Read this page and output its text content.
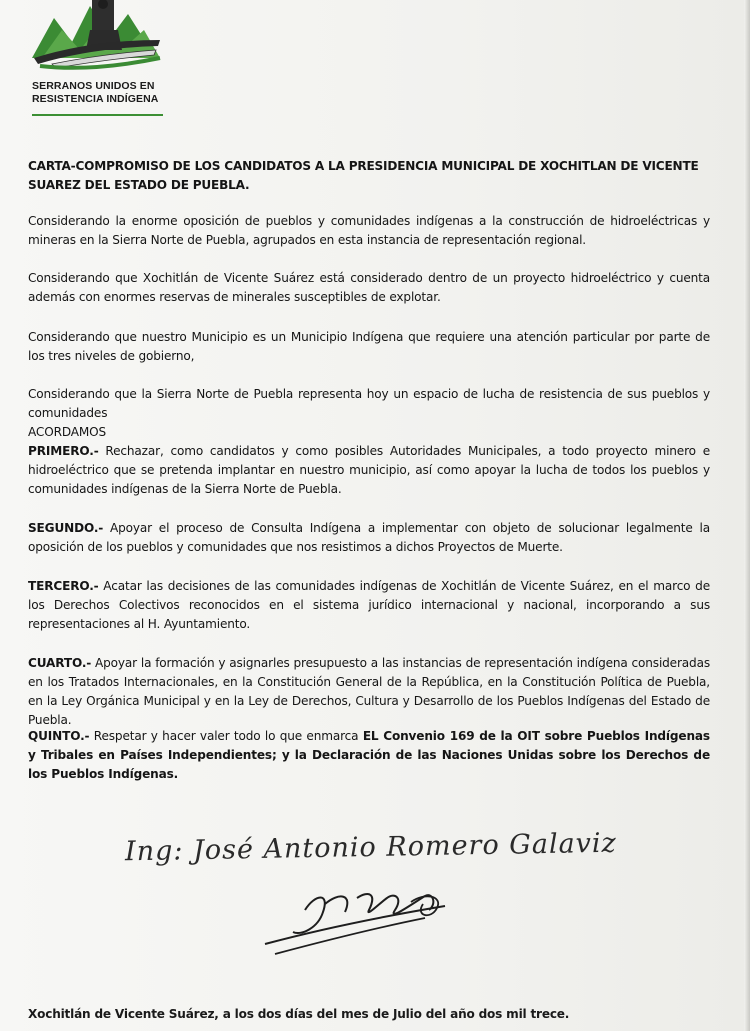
SERRANOS UNIDOS EN
RESISTENCIA INDÍGENA
CARTA-COMPROMISO DE LOS CANDIDATOS A LA PRESIDENCIA MUNICIPAL DE XOCHITLAN DE VICENTE SUAREZ DEL ESTADO DE PUEBLA.
Considerando la enorme oposición de pueblos y comunidades indígenas a la construcción de hidroeléctricas y mineras en la Sierra Norte de Puebla, agrupados en esta instancia de representación regional.
Considerando que Xochitlán de Vicente Suárez está considerado dentro de un proyecto hidroeléctrico y cuenta además con enormes reservas de minerales susceptibles de explotar.
Considerando que nuestro Municipio es un Municipio Indígena que requiere una atención particular por parte de los tres niveles de gobierno,
Considerando que la Sierra Norte de Puebla representa hoy un espacio de lucha de resistencia de sus pueblos y comunidades
ACORDAMOS
PRIMERO.- Rechazar, como candidatos y como posibles Autoridades Municipales, a todo proyecto minero e hidroeléctrico que se pretenda implantar en nuestro municipio, así como apoyar la lucha de todos los pueblos y comunidades indígenas de la Sierra Norte de Puebla.
SEGUNDO.- Apoyar el proceso de Consulta Indígena a implementar con objeto de solucionar legalmente la oposición de los pueblos y comunidades que nos resistimos a dichos Proyectos de Muerte.
TERCERO.- Acatar las decisiones de las comunidades indígenas de Xochitlán de Vicente Suárez, en el marco de los Derechos Colectivos reconocidos en el sistema jurídico internacional y nacional, incorporando a sus representaciones al H. Ayuntamiento.
CUARTO.- Apoyar la formación y asignarles presupuesto a las instancias de representación indígena consideradas en los Tratados Internacionales, en la Constitución General de la República, en la Constitución Política de Puebla, en la Ley Orgánica Municipal y en la Ley de Derechos, Cultura y Desarrollo de los Pueblos Indígenas del Estado de Puebla.
QUINTO.- Respetar y hacer valer todo lo que enmarca EL Convenio 169 de la OIT sobre Pueblos Indígenas y Tribales en Países Independientes; y la Declaración de las Naciones Unidas sobre los Derechos de los Pueblos Indígenas.
Ing: José Antonio Romero Galaviz
Xochitlán de Vicente Suárez, a los dos días del mes de Julio del año dos mil trece.
